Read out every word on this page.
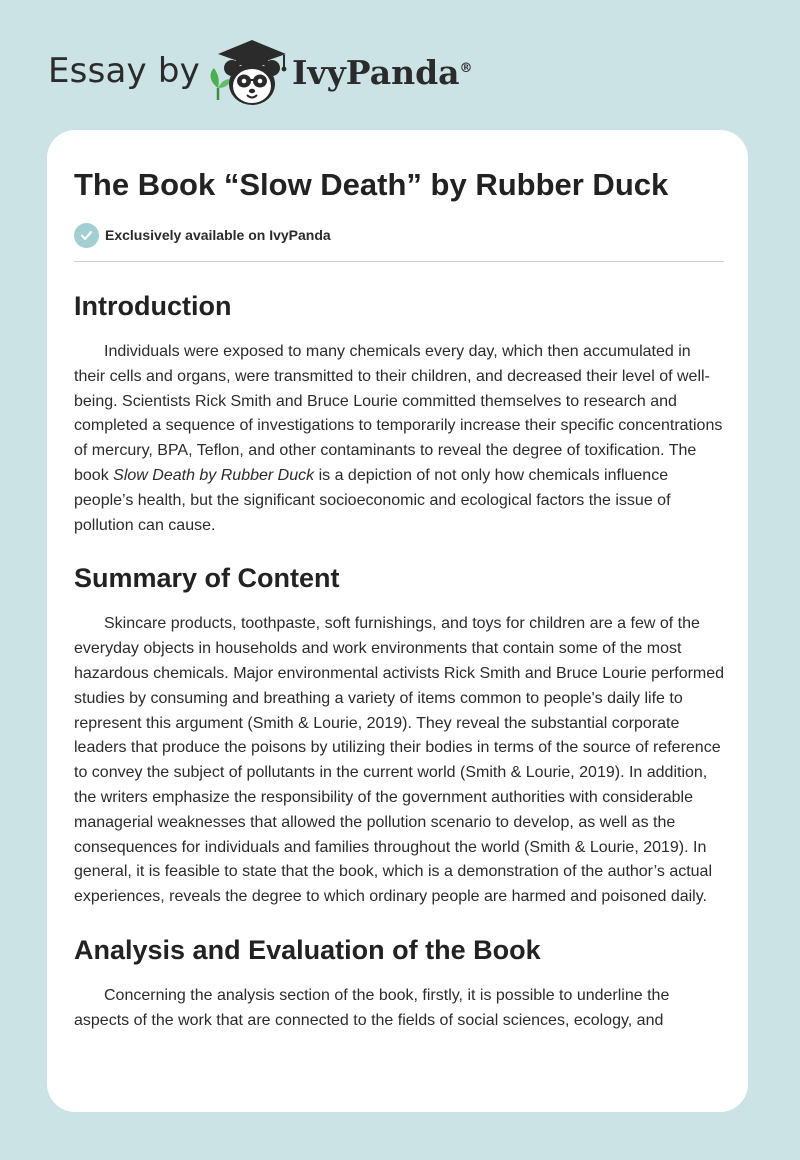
Essay by	IvyPanda®
The Book “Slow Death” by Rubber Duck
Exclusively available on IvyPanda
Introduction

Individuals were exposed to many chemicals every day, which then accumulated in their cells and organs, were transmitted to their children, and decreased their level of well-being. Scientists Rick Smith and Bruce Lourie committed themselves to research and completed a sequence of investigations to temporarily increase their specific concentrations of mercury, BPA, Teflon, and other contaminants to reveal the degree of toxification. The book Slow Death by Rubber Duck is a depiction of not only how chemicals influence people’s health, but the significant socioeconomic and ecological factors the issue of pollution can cause.

Summary of Content

Skincare products, toothpaste, soft furnishings, and toys for children are a few of the everyday objects in households and work environments that contain some of the most hazardous chemicals. Major environmental activists Rick Smith and Bruce Lourie performed studies by consuming and breathing a variety of items common to people's daily life to represent this argument (Smith & Lourie, 2019). They reveal the substantial corporate leaders that produce the poisons by utilizing their bodies in terms of the source of reference to convey the subject of pollutants in the current world (Smith & Lourie, 2019). In addition, the writers emphasize the responsibility of the government authorities with considerable managerial weaknesses that allowed the pollution scenario to develop, as well as the consequences for individuals and families throughout the world (Smith & Lourie, 2019). In general, it is feasible to state that the book, which is a demonstration of the author’s actual experiences, reveals the degree to which ordinary people are harmed and poisoned daily.

Analysis and Evaluation of the Book

Concerning the analysis section of the book, firstly, it is possible to underline the aspects of the work that are connected to the fields of social sciences, ecology, and
